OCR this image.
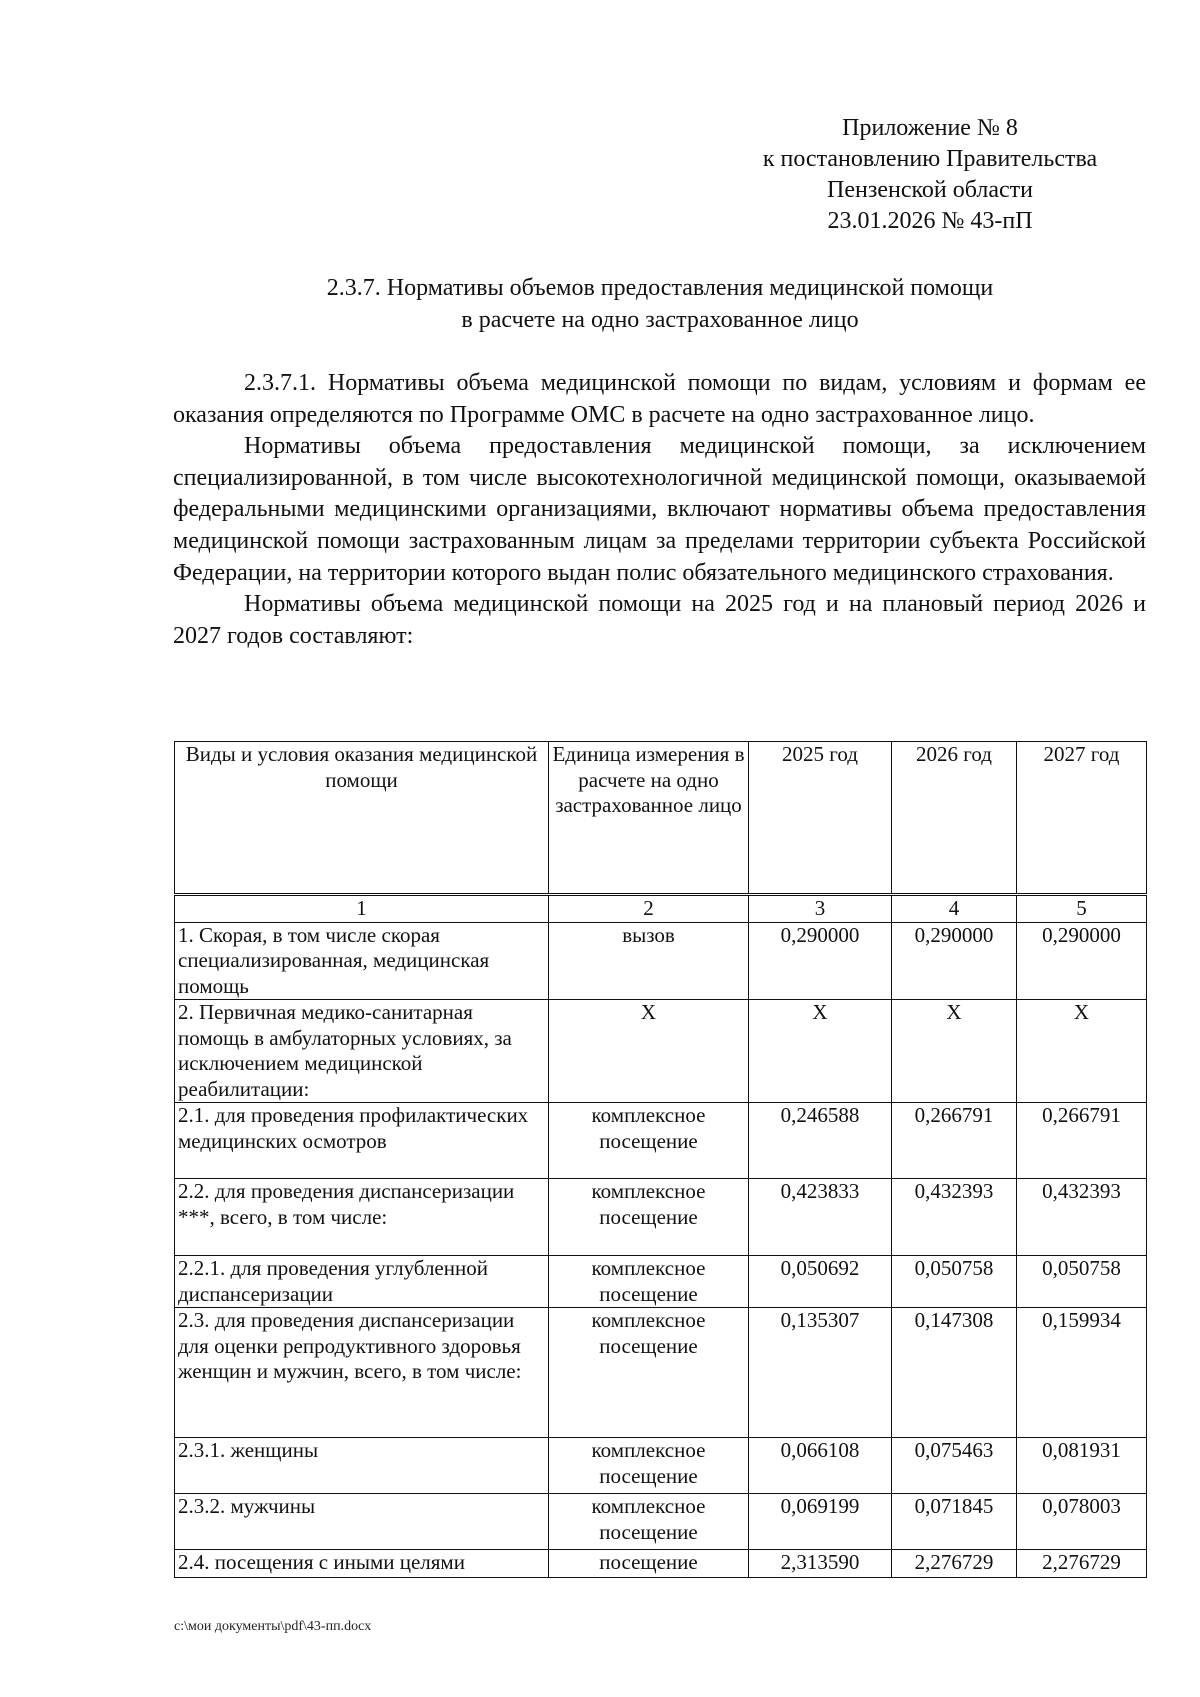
Приложение № 8
к постановлению Правительства
Пензенской области
23.01.2026 № 43-пП
2.3.7. Нормативы объемов предоставления медицинской помощи
в расчете на одно застрахованное лицо

2.3.7.1. Нормативы объема медицинской помощи по видам, условиям и формам ее оказания определяются по Программе ОМС в расчете на одно застрахованное лицо.

Нормативы объема предоставления медицинской помощи, за исключением специализированной, в том числе высокотехнологичной медицинской помощи, оказываемой федеральными медицинскими организациями, включают нормативы объема предоставления медицинской помощи застрахованным лицам за пределами территории субъекта Российской Федерации, на территории которого выдан полис обязательного медицинского страхования.

Нормативы объема медицинской помощи на 2025 год и на плановый период 2026 и 2027 годов составляют:

Виды и условия оказания медицинской помощи	Единица измерения в расчете на одно застрахованное лицо	2025 год	2026 год	2027 год
1	2	3	4	5
1. Скорая, в том числе скорая специализированная, медицинская помощь	вызов	0,290000	0,290000	0,290000
2. Первичная медико-санитарная помощь в амбулаторных условиях, за исключением медицинской реабилитации:	Х	Х	Х	Х
2.1. для проведения профилактических медицинских осмотров	комплексное посещение	0,246588	0,266791	0,266791
2.2. для проведения диспансеризации ***, всего, в том числе:	комплексное посещение	0,423833	0,432393	0,432393
2.2.1. для проведения углубленной диспансеризации	комплексное посещение	0,050692	0,050758	0,050758
2.3. для проведения диспансеризации для оценки репродуктивного здоровья женщин и мужчин, всего, в том числе:	комплексное посещение	0,135307	0,147308	0,159934
2.3.1. женщины	комплексное посещение	0,066108	0,075463	0,081931
2.3.2. мужчины	комплексное посещение	0,069199	0,071845	0,078003
2.4. посещения с иными целями	посещение	2,313590	2,276729	2,276729
c:\мои документы\pdf\43-пп.docx
